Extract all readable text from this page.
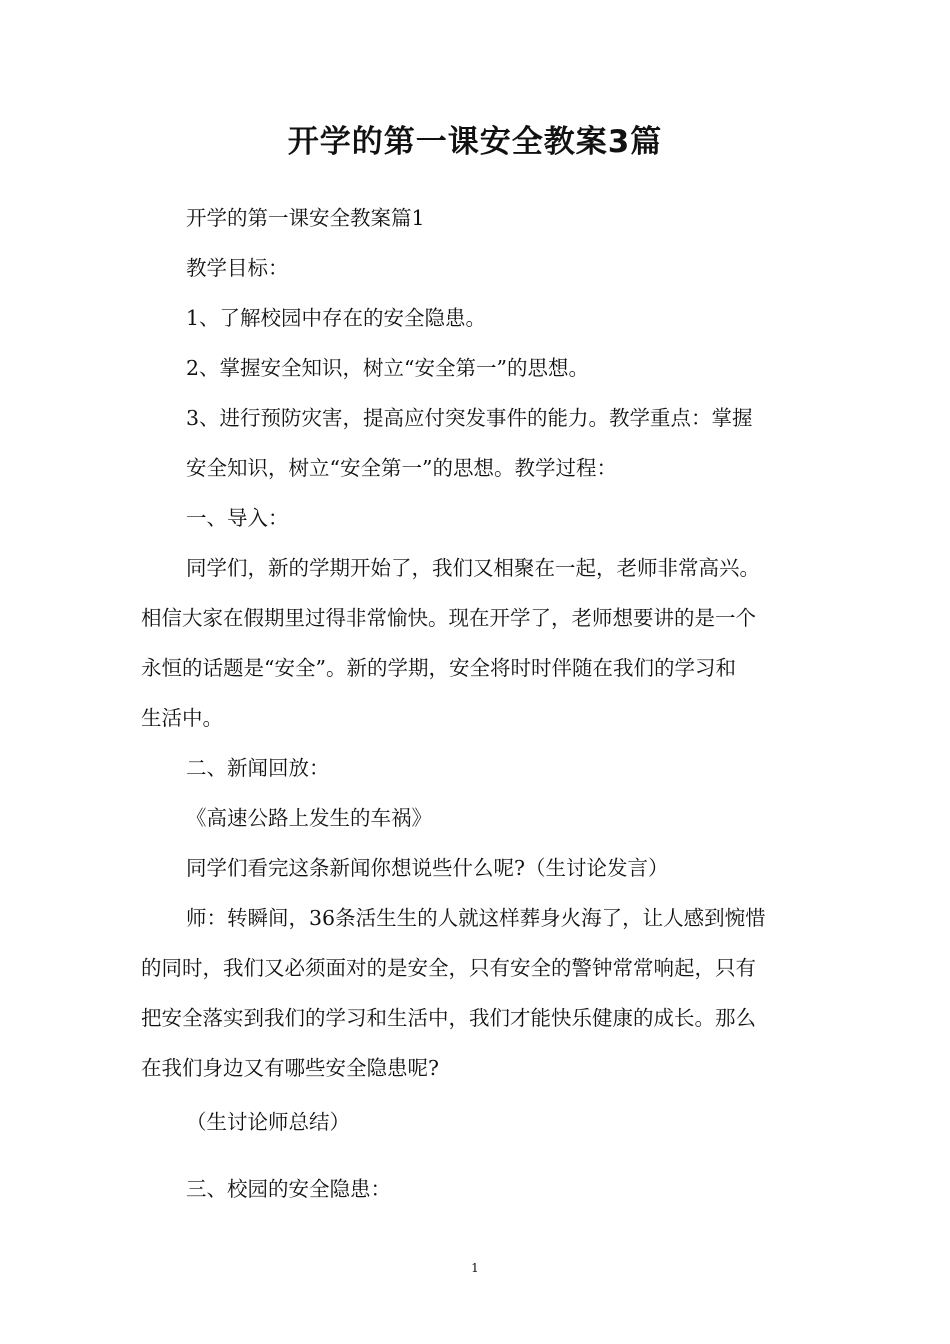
开学的第一课安全教案3篇

开学的第一课安全教案篇1

教学目标：

1、了解校园中存在的安全隐患。

2、掌握安全知识，树立“安全第一”的思想。

3、进行预防灾害，提高应付突发事件的能力。教学重点：掌握

安全知识，树立“安全第一”的思想。教学过程：

一、导入：

同学们，新的学期开始了，我们又相聚在一起，老师非常高兴。

相信大家在假期里过得非常愉快。现在开学了，老师想要讲的是一个

永恒的话题是“安全”。新的学期，安全将时时伴随在我们的学习和

生活中。

二、新闻回放：

《高速公路上发生的车祸》

同学们看完这条新闻你想说些什么呢?（生讨论发言）

师：转瞬间，36条活生生的人就这样葬身火海了，让人感到惋惜

的同时，我们又必须面对的是安全，只有安全的警钟常常响起，只有

把安全落实到我们的学习和生活中，我们才能快乐健康的成长。那么

在我们身边又有哪些安全隐患呢?

（生讨论师总结）

三、校园的安全隐患：

1
